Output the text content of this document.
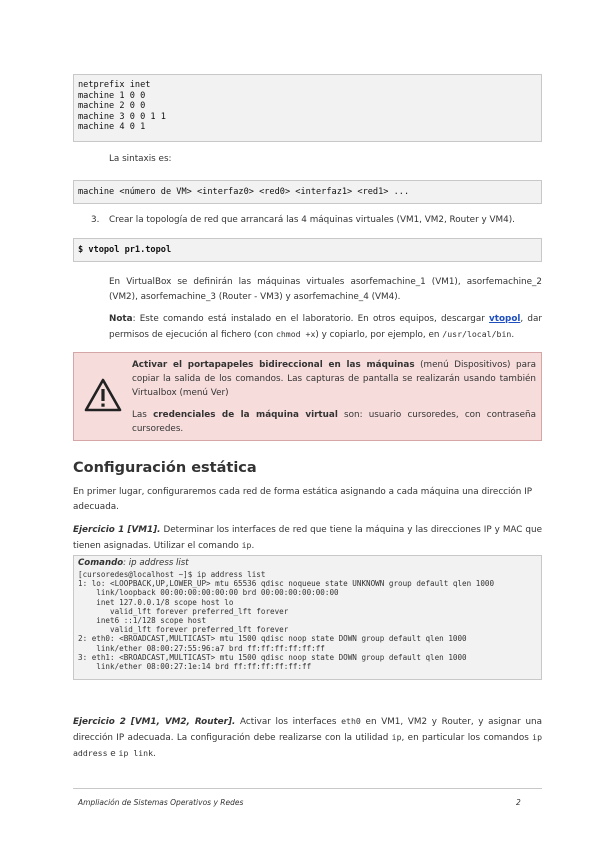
netprefix inet
machine 1 0 0
machine 2 0 0
machine 3 0 0 1 1
machine 4 0 1
La sintaxis es:
machine <número de VM> <interfaz0> <red0> <interfaz1> <red1> ...
3. Crear la topología de red que arrancará las 4 máquinas virtuales (VM1, VM2, Router y VM4).
$ vtopol pr1.topol
En VirtualBox se definirán las máquinas virtuales asorfemachine_1 (VM1), asorfemachine_2 (VM2), asorfemachine_3 (Router - VM3) y asorfemachine_4 (VM4).
Nota: Este comando está instalado en el laboratorio. En otros equipos, descargar vtopol, dar permisos de ejecución al fichero (con chmod +x) y copiarlo, por ejemplo, en /usr/local/bin.
Activar el portapapeles bidireccional en las máquinas (menú Dispositivos) para copiar la salida de los comandos. Las capturas de pantalla se realizarán usando también Virtualbox (menú Ver)
Las credenciales de la máquina virtual son: usuario cursoredes, con contraseña cursoredes.
Configuración estática
En primer lugar, configuraremos cada red de forma estática asignando a cada máquina una dirección IP adecuada.
Ejercicio 1 [VM1]. Determinar los interfaces de red que tiene la máquina y las direcciones IP y MAC que tienen asignadas. Utilizar el comando ip.
Comando: ip address list
[cursoredes@localhost ~]$ ip address list
1: lo: <LOOPBACK,UP,LOWER_UP> mtu 65536 qdisc noqueue state UNKNOWN group default qlen 1000
link/loopback 00:00:00:00:00:00 brd 00:00:00:00:00:00
inet 127.0.0.1/8 scope host lo
valid_lft forever preferred_lft forever
inet6 ::1/128 scope host
valid_lft forever preferred_lft forever
2: eth0: <BROADCAST,MULTICAST> mtu 1500 qdisc noop state DOWN group default qlen 1000
link/ether 08:00:27:55:96:a7 brd ff:ff:ff:ff:ff:ff
3: eth1: <BROADCAST,MULTICAST> mtu 1500 qdisc noop state DOWN group default qlen 1000
link/ether 08:00:27:1e:14 brd ff:ff:ff:ff:ff:ff
Ejercicio 2 [VM1, VM2, Router]. Activar los interfaces eth0 en VM1, VM2 y Router, y asignar una dirección IP adecuada. La configuración debe realizarse con la utilidad ip, en particular los comandos ip address e ip link.
Ampliación de Sistemas Operativos y Redes	2
